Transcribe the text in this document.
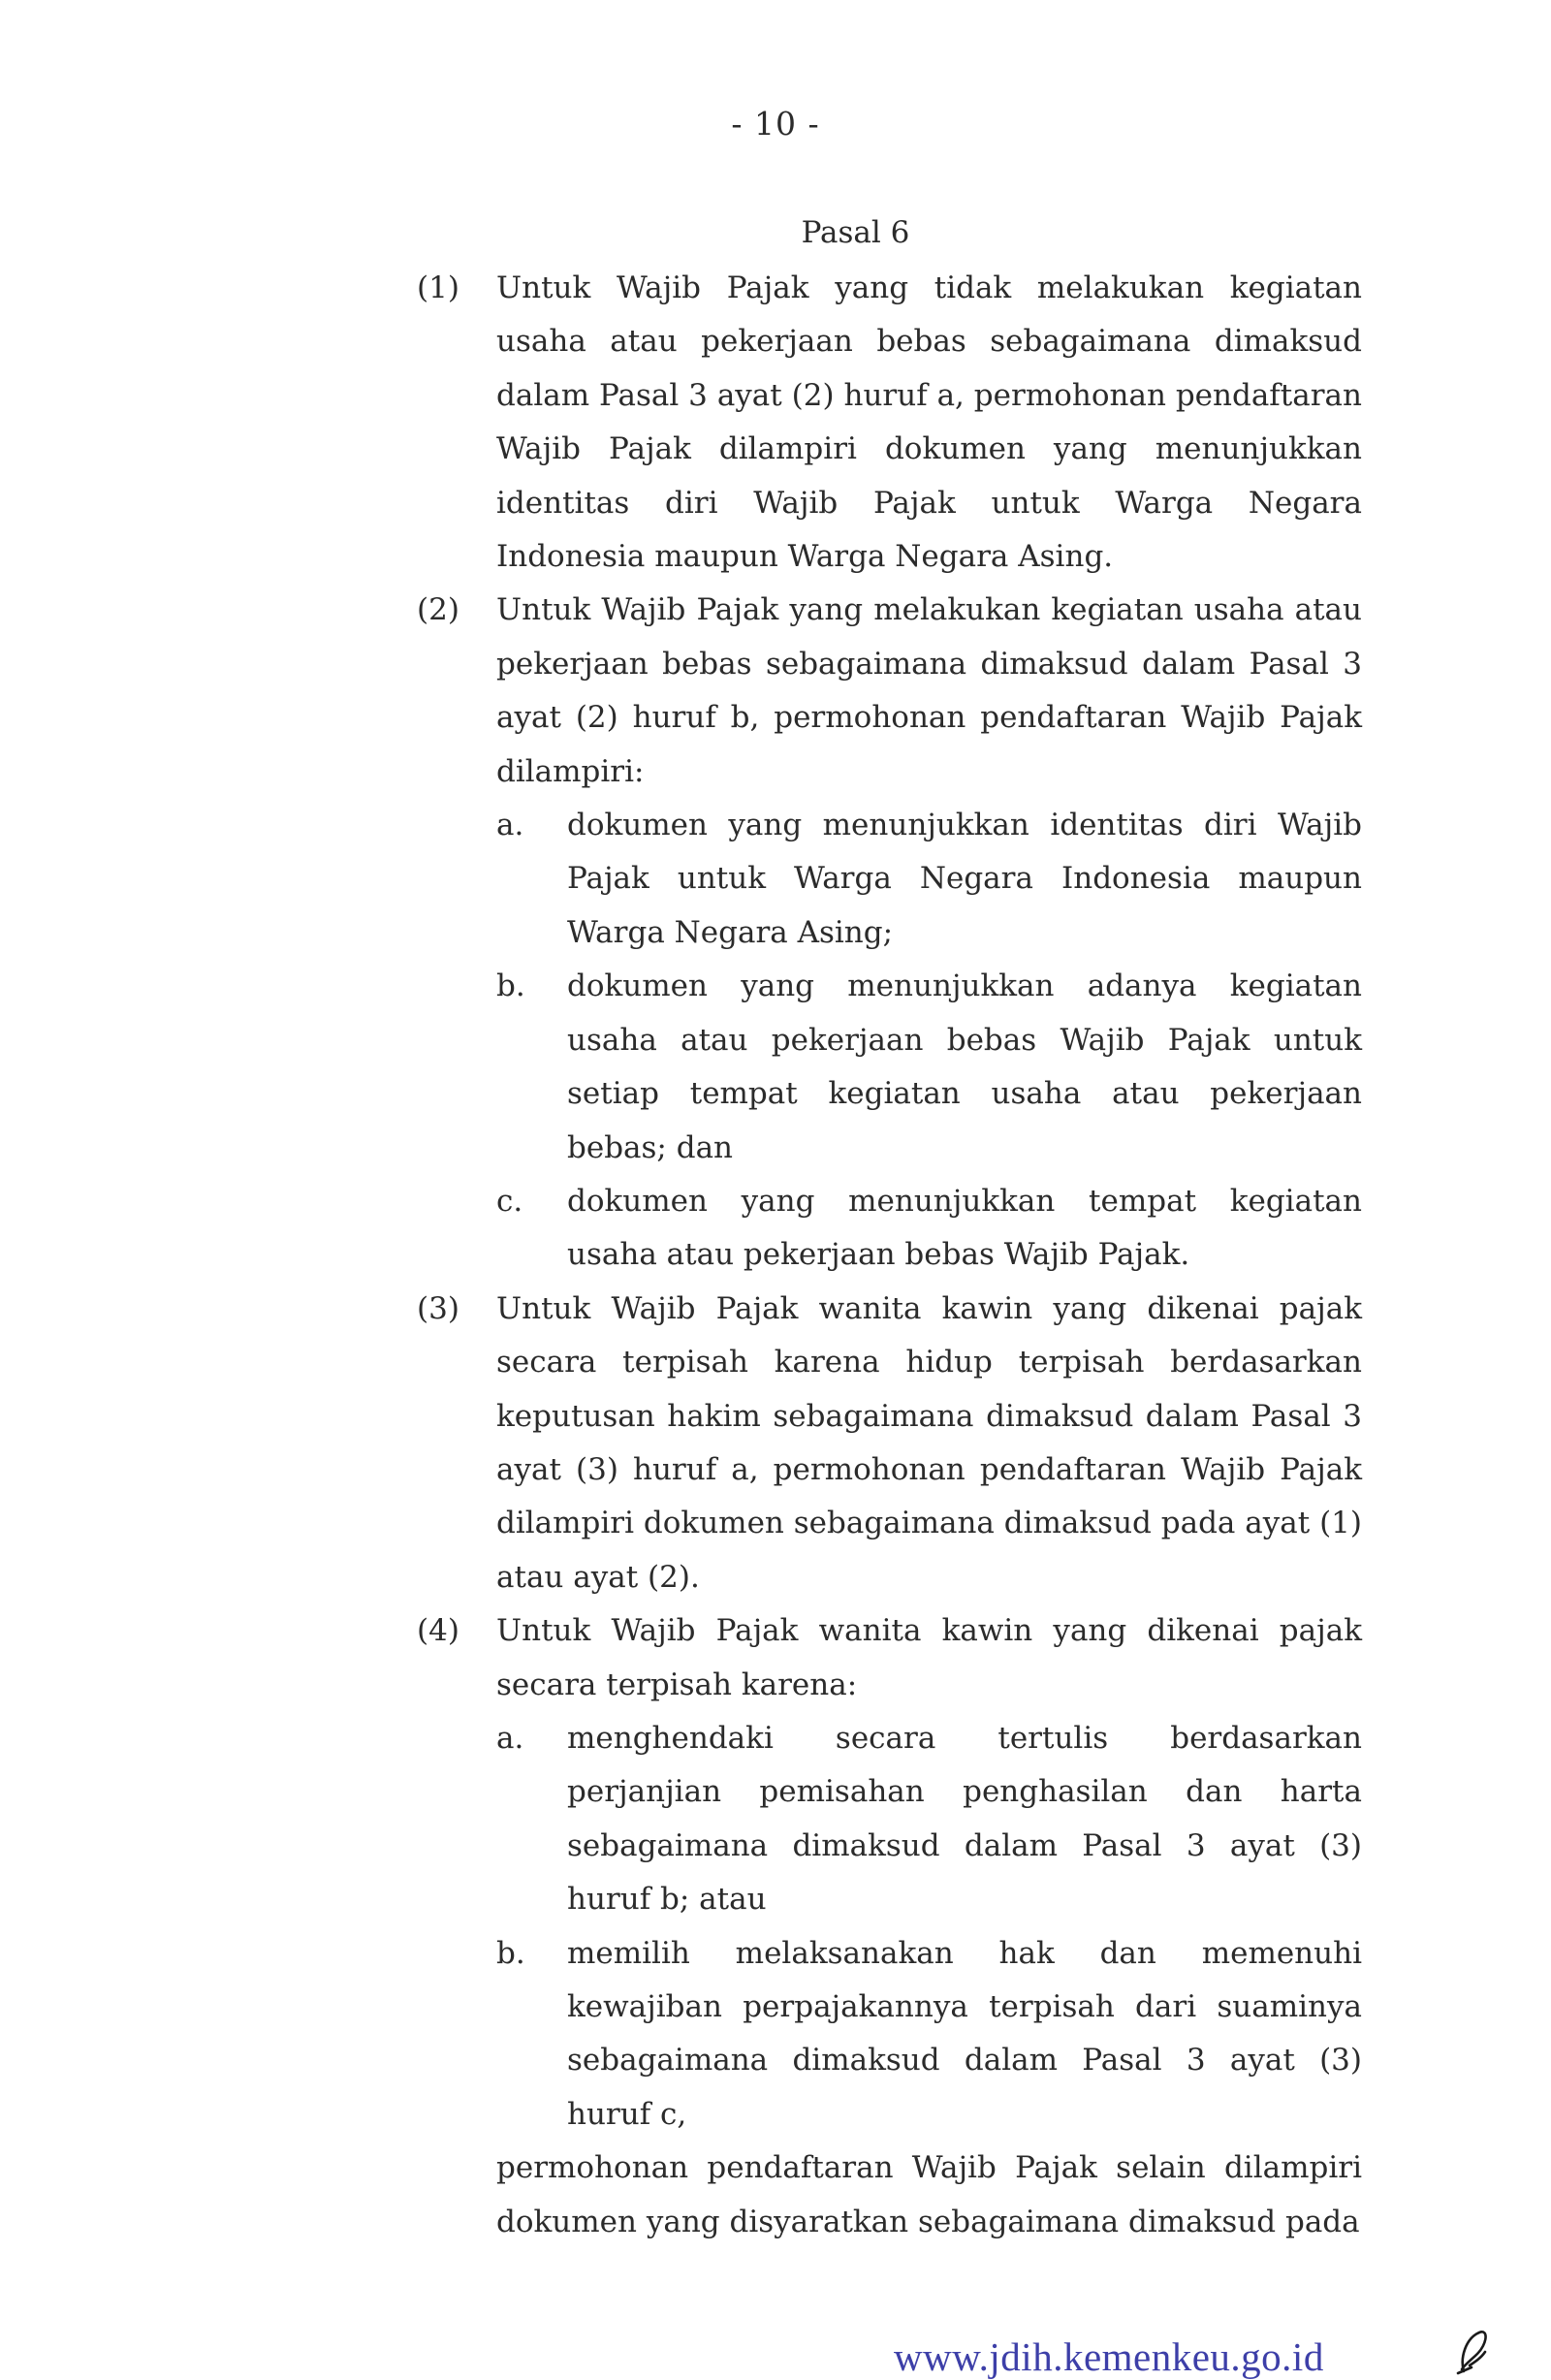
- 10 -
Pasal 6
(1) Untuk Wajib Pajak yang tidak melakukan kegiatan usaha atau pekerjaan bebas sebagaimana dimaksud dalam Pasal 3 ayat (2) huruf a, permohonan pendaftaran Wajib Pajak dilampiri dokumen yang menunjukkan identitas diri Wajib Pajak untuk Warga Negara Indonesia maupun Warga Negara Asing.
(2) Untuk Wajib Pajak yang melakukan kegiatan usaha atau pekerjaan bebas sebagaimana dimaksud dalam Pasal 3 ayat (2) huruf b, permohonan pendaftaran Wajib Pajak dilampiri:
a. dokumen yang menunjukkan identitas diri Wajib Pajak untuk Warga Negara Indonesia maupun Warga Negara Asing;
b. dokumen yang menunjukkan adanya kegiatan usaha atau pekerjaan bebas Wajib Pajak untuk setiap tempat kegiatan usaha atau pekerjaan bebas; dan
c. dokumen yang menunjukkan tempat kegiatan usaha atau pekerjaan bebas Wajib Pajak.
(3) Untuk Wajib Pajak wanita kawin yang dikenai pajak secara terpisah karena hidup terpisah berdasarkan keputusan hakim sebagaimana dimaksud dalam Pasal 3 ayat (3) huruf a, permohonan pendaftaran Wajib Pajak dilampiri dokumen sebagaimana dimaksud pada ayat (1) atau ayat (2).
(4) Untuk Wajib Pajak wanita kawin yang dikenai pajak secara terpisah karena:
a. menghendaki secara tertulis berdasarkan perjanjian pemisahan penghasilan dan harta sebagaimana dimaksud dalam Pasal 3 ayat (3) huruf b; atau
b. memilih melaksanakan hak dan memenuhi kewajiban perpajakannya terpisah dari suaminya sebagaimana dimaksud dalam Pasal 3 ayat (3) huruf c,
permohonan pendaftaran Wajib Pajak selain dilampiri dokumen yang disyaratkan sebagaimana dimaksud pada
www.jdih.kemenkeu.go.id
